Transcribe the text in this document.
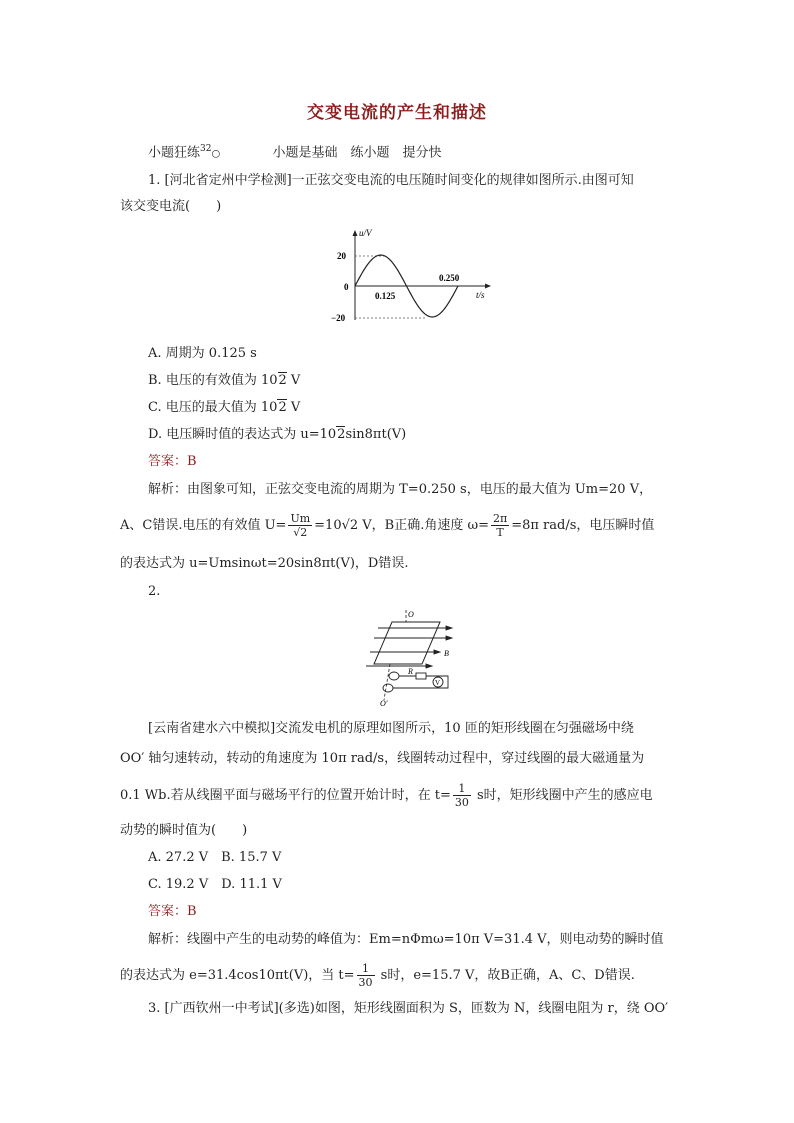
交变电流的产生和描述
小题狂练$^{32}$○	小题是基础　练小题　提分快
1. [河北省定州中学检测]一正弦交变电流的电压随时间变化的规律如图所示.由图可知
该交变电流(　　)
u/V
t/s
20
0
−20
0.125
0.250
A. 周期为 0.125 s
B. 电压的有效值为 102 V
C. 电压的最大值为 102 V
D. 电压瞬时值的表达式为 u=102sin8πt(V)
答案：B
解析：由图象可知，正弦交变电流的周期为 T=0.250 s，电压的最大值为 Um=20 V，
A、C错误.电压的有效值 $U= \frac{Um}{√2} =10√2$ V，B正确.角速度 $\omega= \frac{2\pi}{T} =8\pi$ rad/s，电压瞬时值
的表达式为 u=Umsinωt=20sin8πt(V)，D错误.
2.
O
O′
B
R
V
[云南省建水六中模拟]交流发电机的原理如图所示，10 匝的矩形线圈在匀强磁场中绕
OO′ 轴匀速转动，转动的角速度为 10π rad/s，线圈转动过程中，穿过线圈的最大磁通量为
0.1 Wb.若从线圈平面与磁场平行的位置开始计时，在 $t= \frac{1}{30}$ s时，矩形线圈中产生的感应电
动势的瞬时值为(　　)
A. 27.2 V　B. 15.7 V
C. 19.2 V　D. 11.1 V
答案：B
解析：线圈中产生的电动势的峰值为：Em=nΦmω=10π V=31.4 V，则电动势的瞬时值
的表达式为 e=31.4cos10πt(V)，当 $t= \frac{1}{30}$ s时，e=15.7 V，故B正确，A、C、D错误.
3. [广西钦州一中考试](多选)如图，矩形线圈面积为 S，匝数为 N，线圈电阻为 r，绕 OO′
